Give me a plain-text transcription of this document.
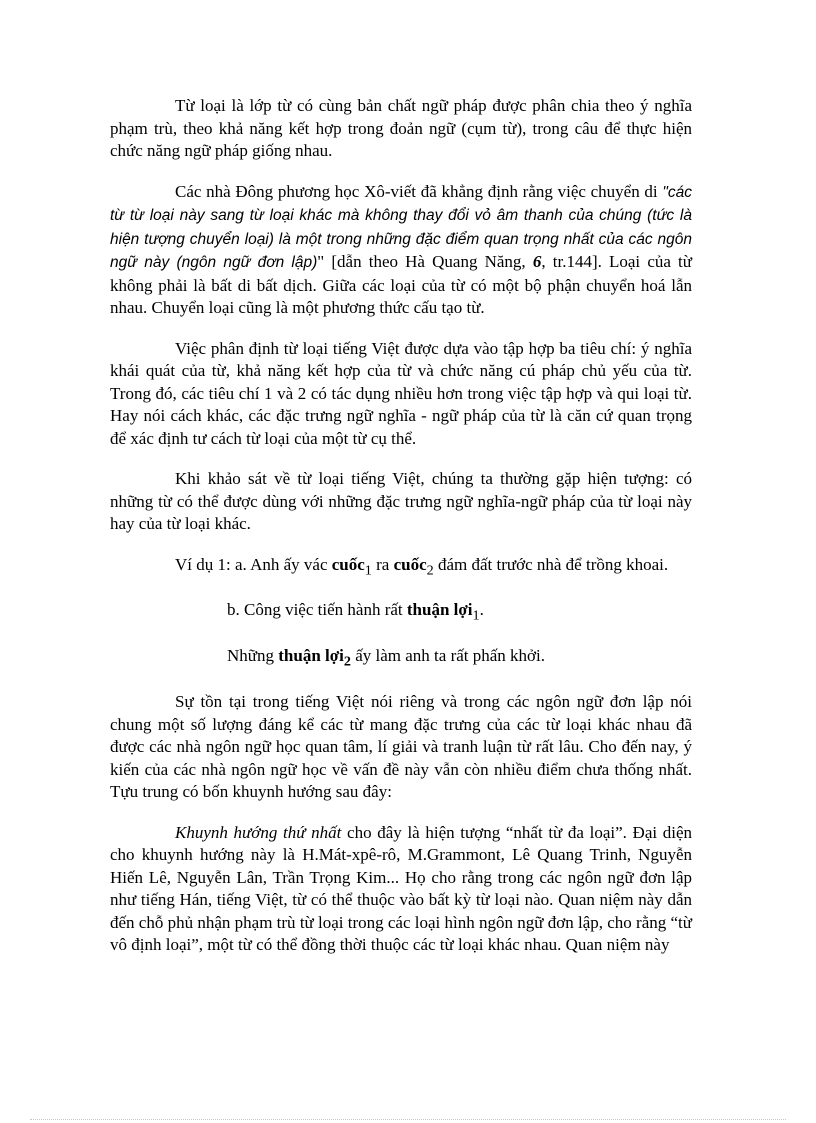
Từ loại là lớp từ có cùng bản chất ngữ pháp được phân chia theo ý nghĩa phạm trù, theo khả năng kết hợp trong đoản ngữ (cụm từ), trong câu để thực hiện chức năng ngữ pháp giống nhau.

Các nhà Đông phương học Xô-viết đã khẳng định rằng việc chuyển di "các từ từ loại này sang từ loại khác mà không thay đổi vỏ âm thanh của chúng (tức là hiện tượng chuyển loại) là một trong những đặc điểm quan trọng nhất của các ngôn ngữ này (ngôn ngữ đơn lập)" [dẫn theo Hà Quang Năng, 6, tr.144]. Loại của từ không phải là bất di bất dịch. Giữa các loại của từ có một bộ phận chuyển hoá lẫn nhau. Chuyển loại cũng là một phương thức cấu tạo từ.

Việc phân định từ loại tiếng Việt được dựa vào tập hợp ba tiêu chí: ý nghĩa khái quát của từ, khả năng kết hợp của từ và chức năng cú pháp chủ yếu của từ. Trong đó, các tiêu chí 1 và 2 có tác dụng nhiều hơn trong việc tập hợp và qui loại từ. Hay nói cách khác, các đặc trưng ngữ nghĩa - ngữ pháp của từ là căn cứ quan trọng để xác định tư cách từ loại của một từ cụ thể.

Khi khảo sát về từ loại tiếng Việt, chúng ta thường gặp hiện tượng: có những từ có thể được dùng với những đặc trưng ngữ nghĩa-ngữ pháp của từ loại này hay của từ loại khác.

Ví dụ 1: a. Anh ấy vác cuốc$_1$ ra cuốc$_2$ đám đất trước nhà để trồng khoai.

b. Công việc tiến hành rất thuận lợi$_1$.

Những thuận lợi$_2$ ấy làm anh ta rất phấn khởi.

Sự tồn tại trong tiếng Việt nói riêng và trong các ngôn ngữ đơn lập nói chung một số lượng đáng kể các từ mang đặc trưng của các từ loại khác nhau đã được các nhà ngôn ngữ học quan tâm, lí giải và tranh luận từ rất lâu. Cho đến nay, ý kiến của các nhà ngôn ngữ học về vấn đề này vẫn còn nhiều điểm chưa thống nhất. Tựu trung có bốn khuynh hướng sau đây:

Khuynh hướng thứ nhất cho đây là hiện tượng “nhất từ đa loại”. Đại diện cho khuynh hướng này là H.Mát-xpê-rô, M.Grammont, Lê Quang Trinh, Nguyễn Hiến Lê, Nguyễn Lân, Trần Trọng Kim... Họ cho rằng trong các ngôn ngữ đơn lập như tiếng Hán, tiếng Việt, từ có thể thuộc vào bất kỳ từ loại nào. Quan niệm này dẫn đến chỗ phủ nhận phạm trù từ loại trong các loại hình ngôn ngữ đơn lập, cho rằng “từ vô định loại”, một từ có thể đồng thời thuộc các từ loại khác nhau. Quan niệm này
